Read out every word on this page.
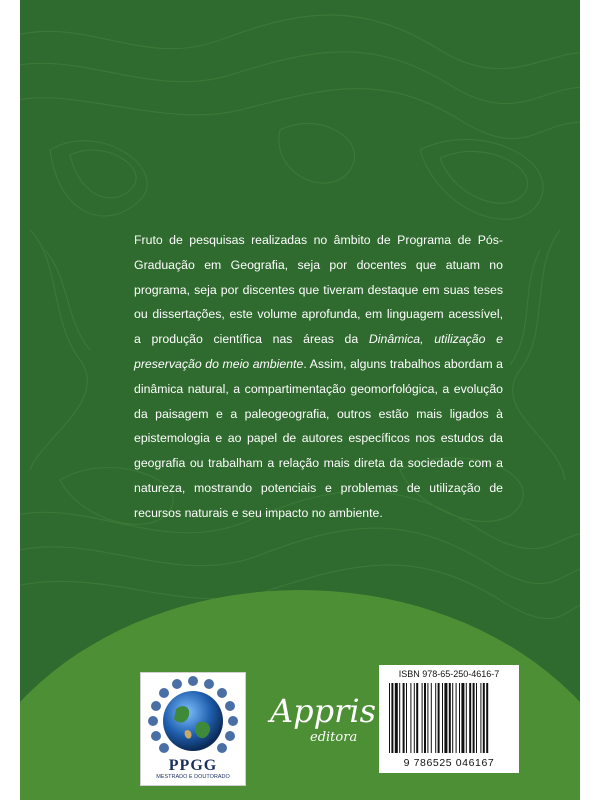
Fruto de pesquisas realizadas no âmbito de Programa de Pós-Graduação em Geografia, seja por docentes que atuam no programa, seja por discentes que tiveram destaque em suas teses ou dissertações, este volume aprofunda, em linguagem acessível, a produção científica nas áreas da Dinâmica, utilização e preservação do meio ambiente. Assim, alguns trabalhos abordam a dinâmica natural, a compartimentação geomorfológica, a evolução da paisagem e a paleogeografia, outros estão mais ligados à epistemologia e ao papel de autores específicos nos estudos da geografia ou trabalham a relação mais direta da sociedade com a natureza, mostrando potenciais e problemas de utilização de recursos naturais e seu impacto no ambiente.
PPGG
MESTRADO E DOUTORADO
Appris
editora
ISBN 978-65-250-4616-7
9 786525 046167
